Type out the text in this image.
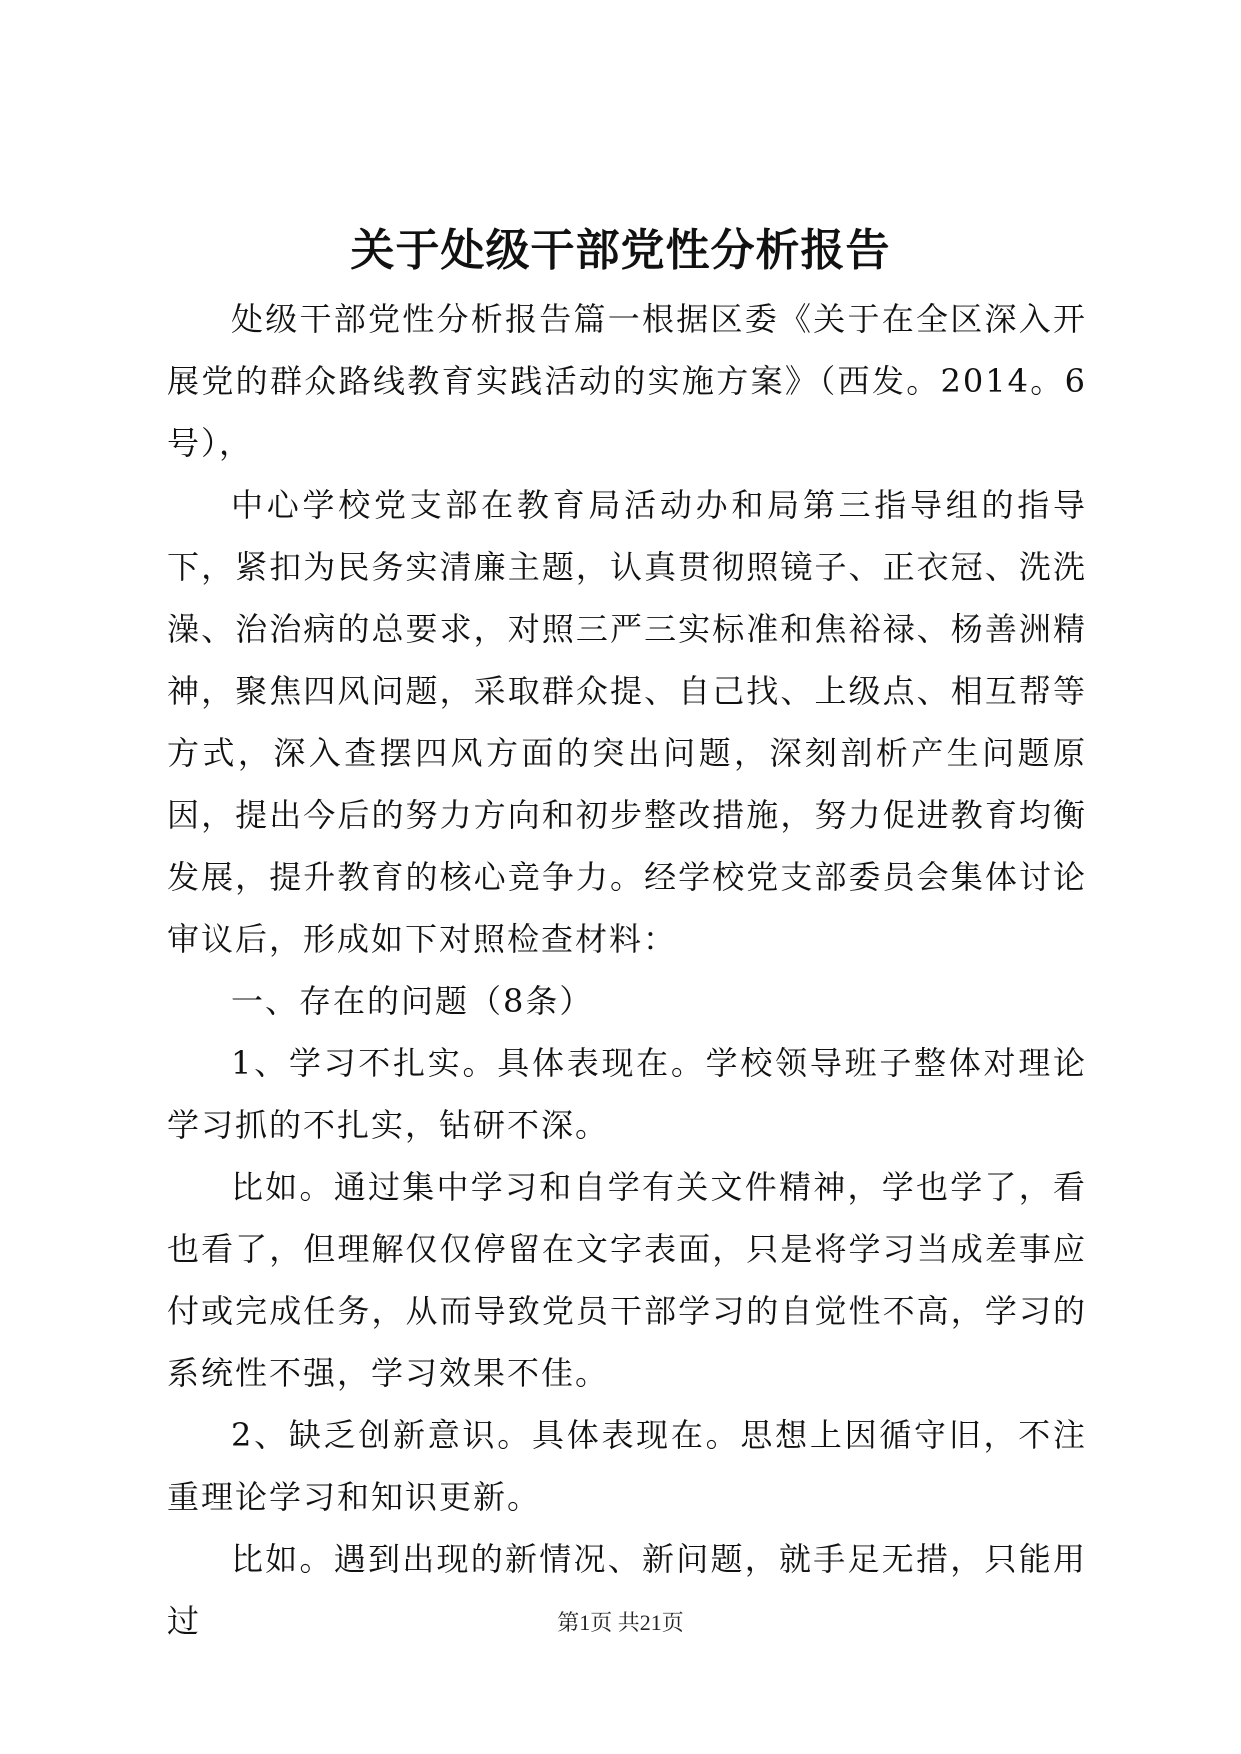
关于处级干部党性分析报告

处级干部党性分析报告篇一根据区委《关于在全区深入开展党的群众路线教育实践活动的实施方案》（西发。2014。6号），

中心学校党支部在教育局活动办和局第三指导组的指导下，紧扣为民务实清廉主题，认真贯彻照镜子、正衣冠、洗洗澡、治治病的总要求，对照三严三实标准和焦裕禄、杨善洲精神，聚焦四风问题，采取群众提、自己找、上级点、相互帮等方式，深入查摆四风方面的突出问题，深刻剖析产生问题原因，提出今后的努力方向和初步整改措施，努力促进教育均衡发展，提升教育的核心竞争力。经学校党支部委员会集体讨论审议后，形成如下对照检查材料：

一、存在的问题（8条）

1、学习不扎实。具体表现在。学校领导班子整体对理论学习抓的不扎实，钻研不深。

比如。通过集中学习和自学有关文件精神，学也学了，看也看了，但理解仅仅停留在文字表面，只是将学习当成差事应付或完成任务，从而导致党员干部学习的自觉性不高，学习的系统性不强，学习效果不佳。

2、缺乏创新意识。具体表现在。思想上因循守旧，不注重理论学习和知识更新。

比如。遇到出现的新情况、新问题，就手足无措，只能用过	第1页 共21页
